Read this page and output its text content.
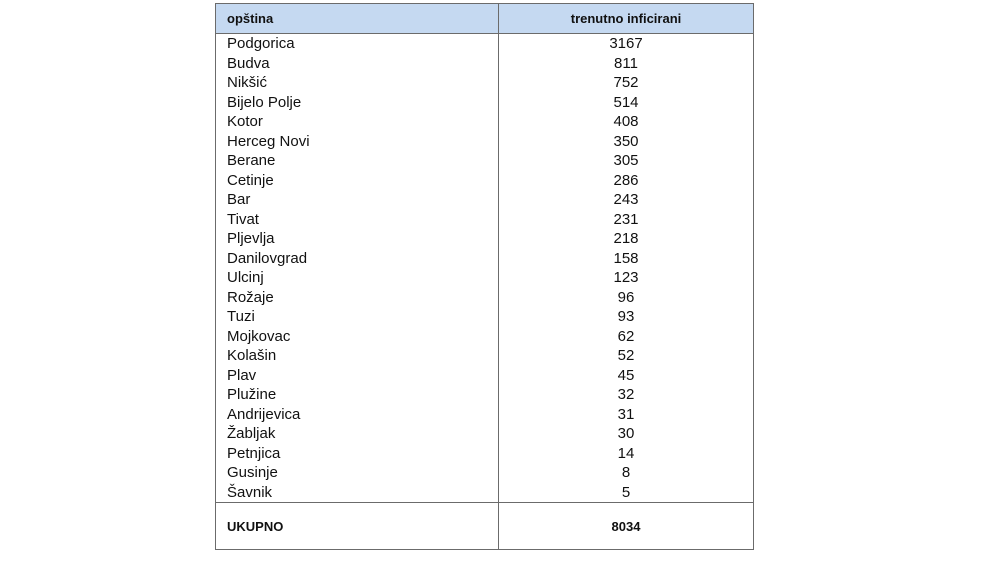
opština	trenutno inficirani
Podgorica	3167
Budva	811
Nikšić	752
Bijelo Polje	514
Kotor	408
Herceg Novi	350
Berane	305
Cetinje	286
Bar	243
Tivat	231
Pljevlja	218
Danilovgrad	158
Ulcinj	123
Rožaje	96
Tuzi	93
Mojkovac	62
Kolašin	52
Plav	45
Plužine	32
Andrijevica	31
Žabljak	30
Petnjica	14
Gusinje	8
Šavnik	5
UKUPNO	8034
